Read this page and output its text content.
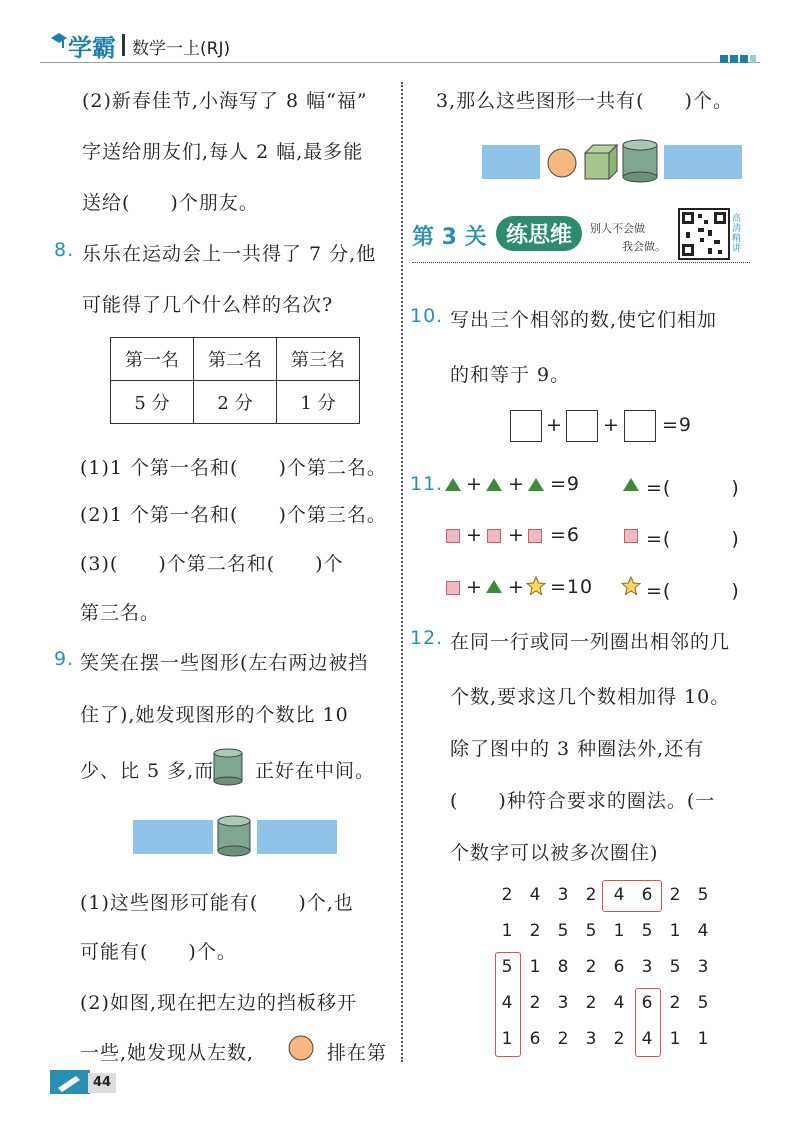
学霸 数学一上(RJ)
(2)新春佳节,小海写了 8 幅“福”
字送给朋友们,每人 2 幅,最多能
送给(　　)个朋友。
8. 乐乐在运动会上一共得了 7 分,他
可能得了几个什么样的名次?
第一名	第二名	第三名
5 分	2 分	1 分
(1)1 个第一名和(　　)个第二名。
(2)1 个第一名和(　　)个第三名。
(3)(　　)个第二名和(　　)个
第三名。
9. 笑笑在摆一些图形(左右两边被挡
住了),她发现图形的个数比 10
少、比 5 多,而 正好在中间。
(1)这些图形可能有(　　)个,也
可能有(　　)个。
(2)如图,现在把左边的挡板移开
一些,她发现从左数,	排在第
44
3,那么这些图形一共有(　　)个。
第 3 关 练思维	别人不会做
我会做。
高清精讲
10. 写出三个相邻的数,使它们相加
的和等于 9。
+ + =9
11. + + =9	=(　　　)
+ + =6	=(　　　)
+ + =10	=(　　　)
12. 在同一行或同一列圈出相邻的几
个数,要求这几个数相加得 10。
除了图中的 3 种圈法外,还有
(　　)种符合要求的圈法。(一
个数字可以被多次圈住)
2	4	3	2	4	6	2	5
1	2	5	5	1	5	1	4
5	1	8	2	6	3	5	3
4	2	3	2	4	6	2	5
1	6	2	3	2	4	1	1
